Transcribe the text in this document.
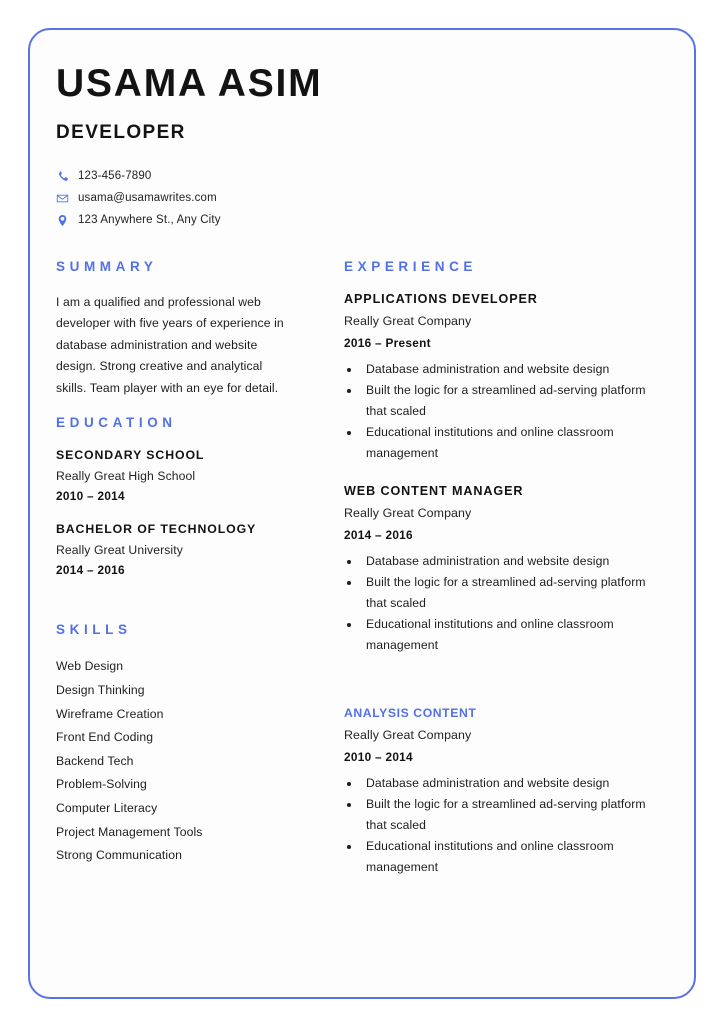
USAMA ASIM
DEVELOPER
123-456-7890
usama@usamawrites.com
123 Anywhere St., Any City
SUMMARY

I am a qualified and professional web developer with five years of experience in database administration and website design. Strong creative and analytical skills. Team player with an eye for detail.

EDUCATION
SECONDARY SCHOOL
Really Great High School
2010 – 2014
BACHELOR OF TECHNOLOGY
Really Great University
2014 – 2016
SKILLS
Web Design
Design Thinking
Wireframe Creation
Front End Coding
Backend Tech
Problem-Solving
Computer Literacy
Project Management Tools
Strong Communication
EXPERIENCE
APPLICATIONS DEVELOPER
Really Great Company
2016 – Present
• Database administration and website design
• Built the logic for a streamlined ad-serving platform that scaled
• Educational institutions and online classroom management
WEB CONTENT MANAGER
Really Great Company
2014 – 2016
• Database administration and website design
• Built the logic for a streamlined ad-serving platform that scaled
• Educational institutions and online classroom management
ANALYSIS CONTENT
Really Great Company
2010 – 2014
• Database administration and website design
• Built the logic for a streamlined ad-serving platform that scaled
• Educational institutions and online classroom management
